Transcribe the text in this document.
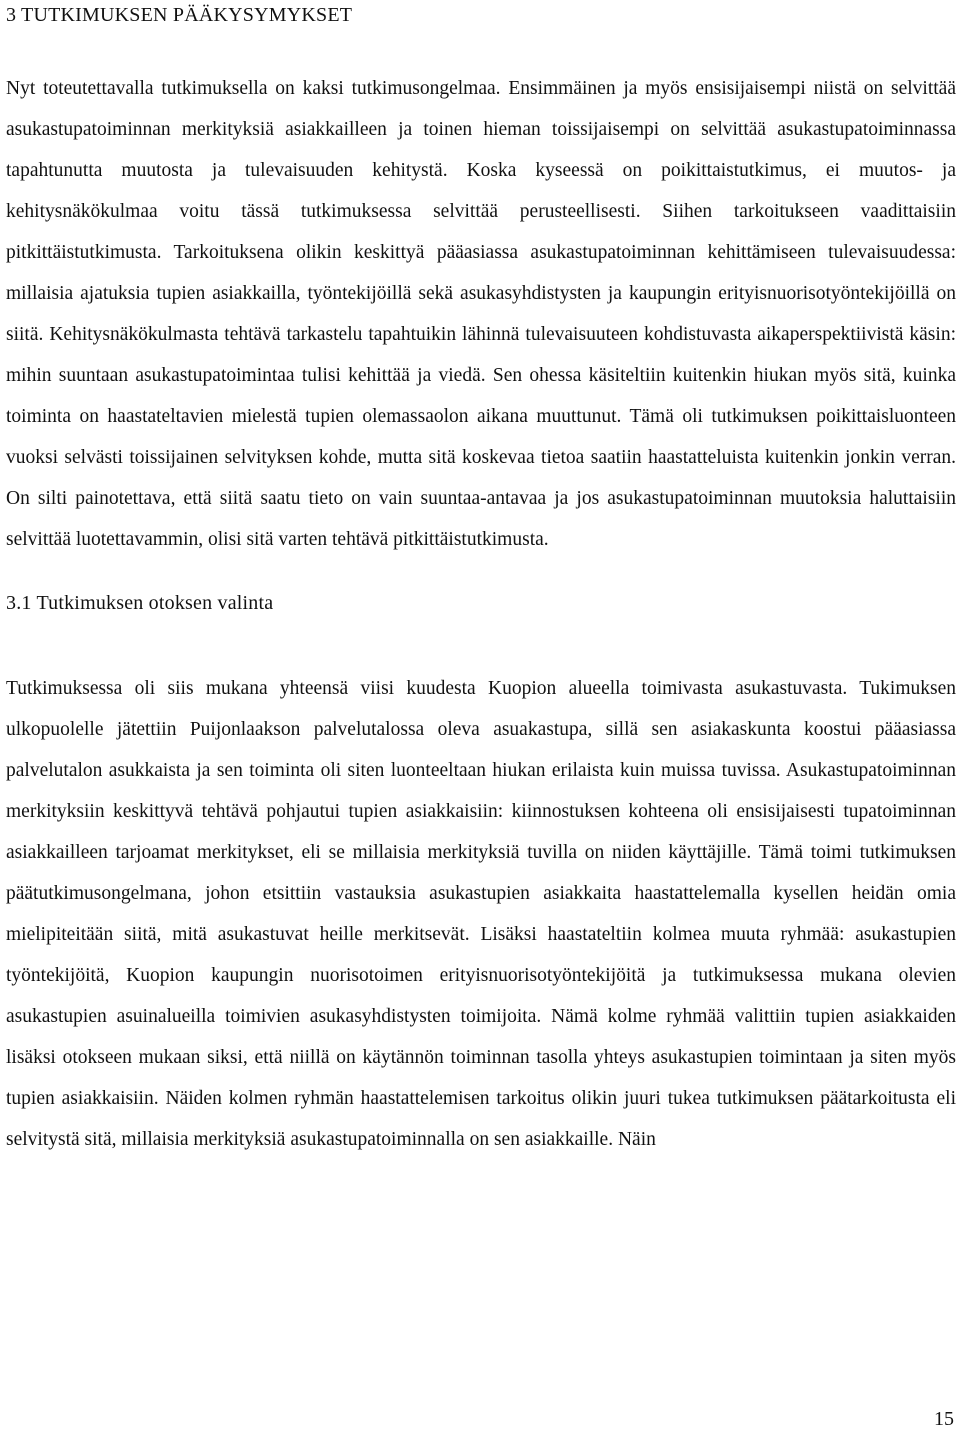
3 TUTKIMUKSEN PÄÄKYSYMYKSET

Nyt toteutettavalla tutkimuksella on kaksi tutkimusongelmaa. Ensimmäinen ja myös ensisijaisempi niistä on selvittää asukastupatoiminnan merkityksiä asiakkailleen ja toinen hieman toissijaisempi on selvittää asukastupatoiminnassa tapahtunutta muutosta ja tulevaisuuden kehitystä. Koska kyseessä on poikittaistutkimus, ei muutos- ja kehitysnäkökulmaa voitu tässä tutkimuksessa selvittää perusteellisesti. Siihen tarkoitukseen vaadittaisiin pitkittäistutkimusta. Tarkoituksena olikin keskittyä pääasiassa asukastupatoiminnan kehittämiseen tulevaisuudessa: millaisia ajatuksia tupien asiakkailla, työntekijöillä sekä asukasyhdistysten ja kaupungin erityisnuorisotyöntekijöillä on siitä. Kehitysnäkökulmasta tehtävä tarkastelu tapahtuikin lähinnä tulevaisuuteen kohdistuvasta aikaperspektiivistä käsin: mihin suuntaan asukastupatoimintaa tulisi kehittää ja viedä. Sen ohessa käsiteltiin kuitenkin hiukan myös sitä, kuinka toiminta on haastateltavien mielestä tupien olemassaolon aikana muuttunut. Tämä oli tutkimuksen poikittaisluonteen vuoksi selvästi toissijainen selvityksen kohde, mutta sitä koskevaa tietoa saatiin haastatteluista kuitenkin jonkin verran. On silti painotettava, että siitä saatu tieto on vain suuntaa-antavaa ja jos asukastupatoiminnan muutoksia haluttaisiin selvittää luotettavammin, olisi sitä varten tehtävä pitkittäistutkimusta.

3.1 Tutkimuksen otoksen valinta

Tutkimuksessa oli siis mukana yhteensä viisi kuudesta Kuopion alueella toimivasta asukastuvasta. Tukimuksen ulkopuolelle jätettiin Puijonlaakson palvelutalossa oleva asuakastupa, sillä sen asiakaskunta koostui pääasiassa palvelutalon asukkaista ja sen toiminta oli siten luonteeltaan hiukan erilaista kuin muissa tuvissa. Asukastupatoiminnan merkityksiin keskittyvä tehtävä pohjautui tupien asiakkaisiin: kiinnostuksen kohteena oli ensisijaisesti tupatoiminnan asiakkailleen tarjoamat merkitykset, eli se millaisia merkityksiä tuvilla on niiden käyttäjille. Tämä toimi tutkimuksen päätutkimusongelmana, johon etsittiin vastauksia asukastupien asiakkaita haastattelemalla kysellen heidän omia mielipiteitään siitä, mitä asukastuvat heille merkitsevät. Lisäksi haastateltiin kolmea muuta ryhmää: asukastupien työntekijöitä, Kuopion kaupungin nuorisotoimen erityisnuorisotyöntekijöitä ja tutkimuksessa mukana olevien asukastupien asuinalueilla toimivien asukasyhdistysten toimijoita. Nämä kolme ryhmää valittiin tupien asiakkaiden lisäksi otokseen mukaan siksi, että niillä on käytännön toiminnan tasolla yhteys asukastupien toimintaan ja siten myös tupien asiakkaisiin. Näiden kolmen ryhmän haastattelemisen tarkoitus olikin juuri tukea tutkimuksen päätarkoitusta eli selvitystä sitä, millaisia merkityksiä asukastupatoiminnalla on sen asiakkaille. Näin

15
